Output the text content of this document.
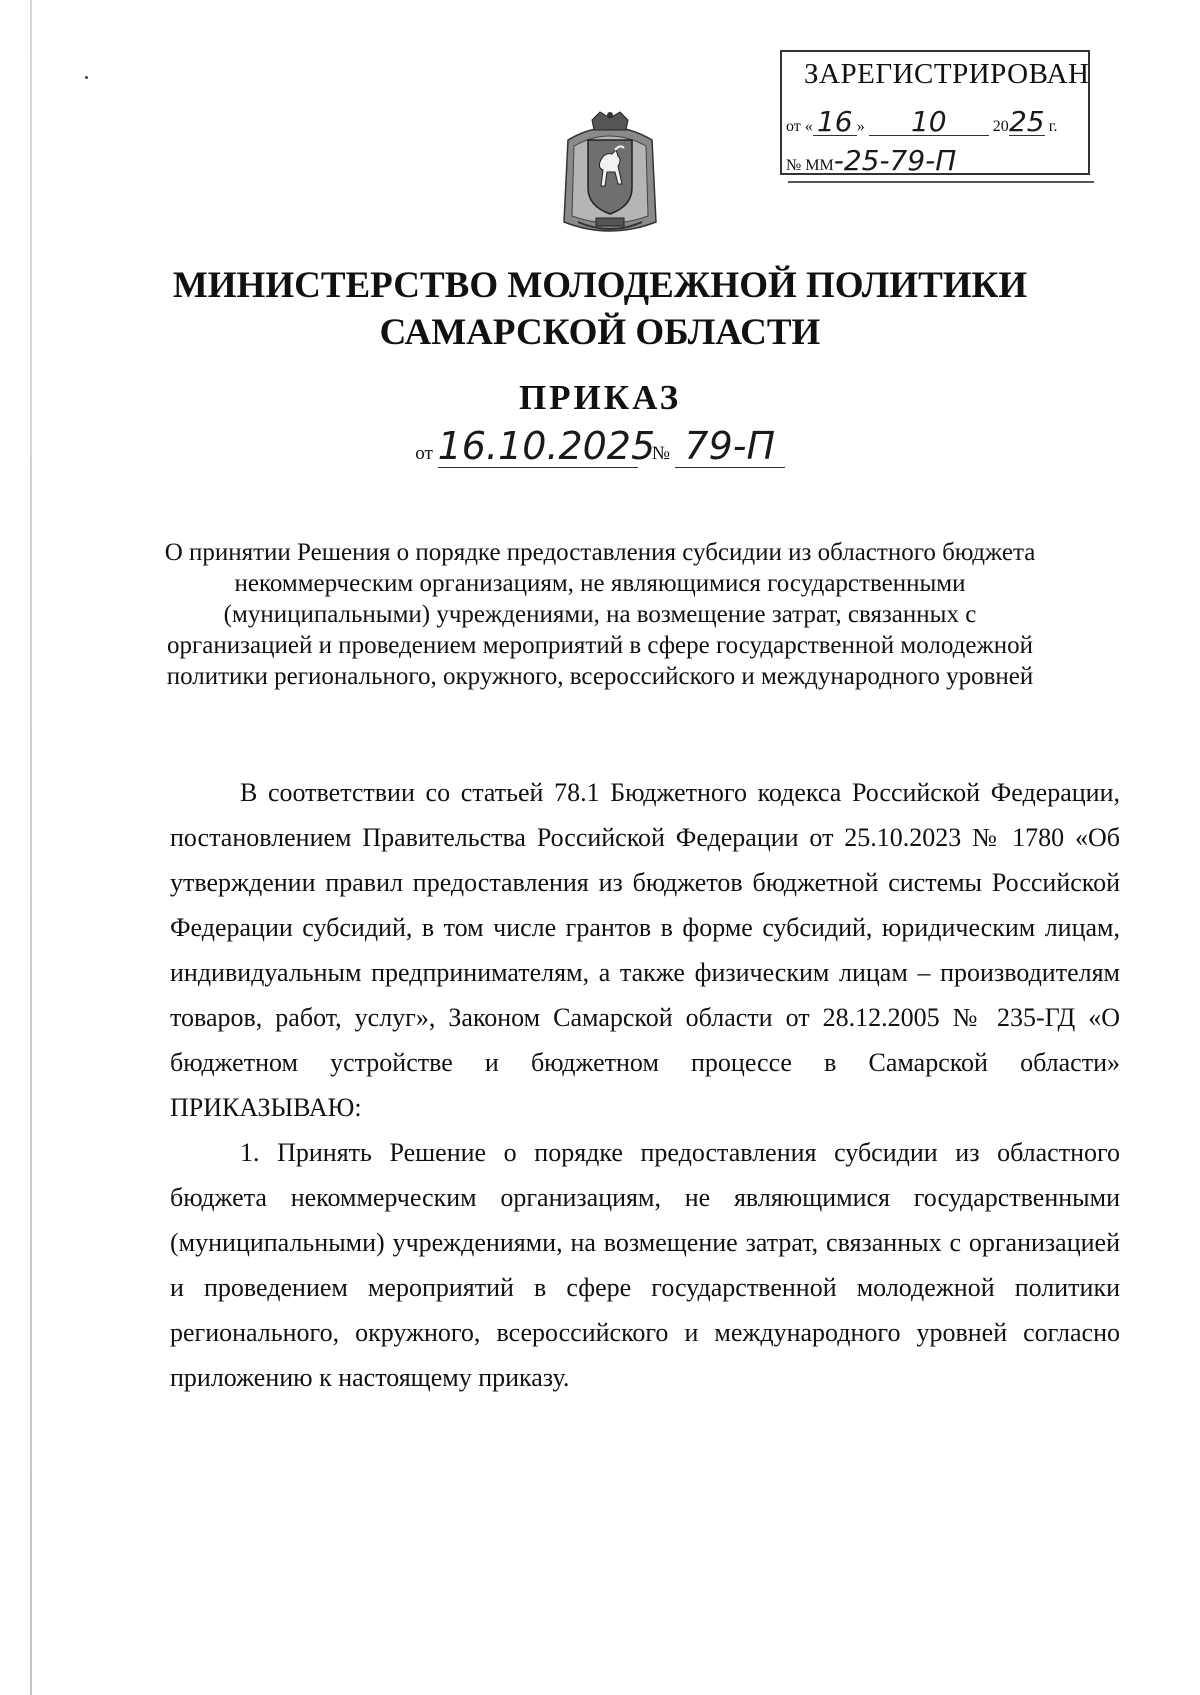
ЗАРЕГИСТРИРОВАН
от « 16 » 10	2025 г.
№ ММ-25-79-П
МИНИСТЕРСТВО МОЛОДЕЖНОЙ ПОЛИТИКИ
САМАРСКОЙ ОБЛАСТИ
ПРИКАЗ
от 16.10.2025   № 79-П
О принятии Решения о порядке предоставления субсидии из областного бюджета некоммерческим организациям, не являющимися государственными (муниципальными) учреждениями, на возмещение затрат, связанных с организацией и проведением мероприятий в сфере государственной молодежной политики регионального, окружного, всероссийского и международного уровней

В соответствии со статьей 78.1 Бюджетного кодекса Российской Федерации, постановлением Правительства Российской Федерации от 25.10.2023 № 1780 «Об утверждении правил предоставления из бюджетов бюджетной системы Российской Федерации субсидий, в том числе грантов в форме субсидий, юридическим лицам, индивидуальным предпринимателям, а также физическим лицам – производителям товаров, работ, услуг», Законом Самарской области от 28.12.2005 № 235-ГД «О бюджетном устройстве и бюджетном процессе в Самарской области» ПРИКАЗЫВАЮ:

1. Принять Решение о порядке предоставления субсидии из областного бюджета некоммерческим организациям, не являющимися государственными (муниципальными) учреждениями, на возмещение затрат, связанных с организацией и проведением мероприятий в сфере государственной молодежной политики регионального, окружного, всероссийского и международного уровней согласно приложению к настоящему приказу.
